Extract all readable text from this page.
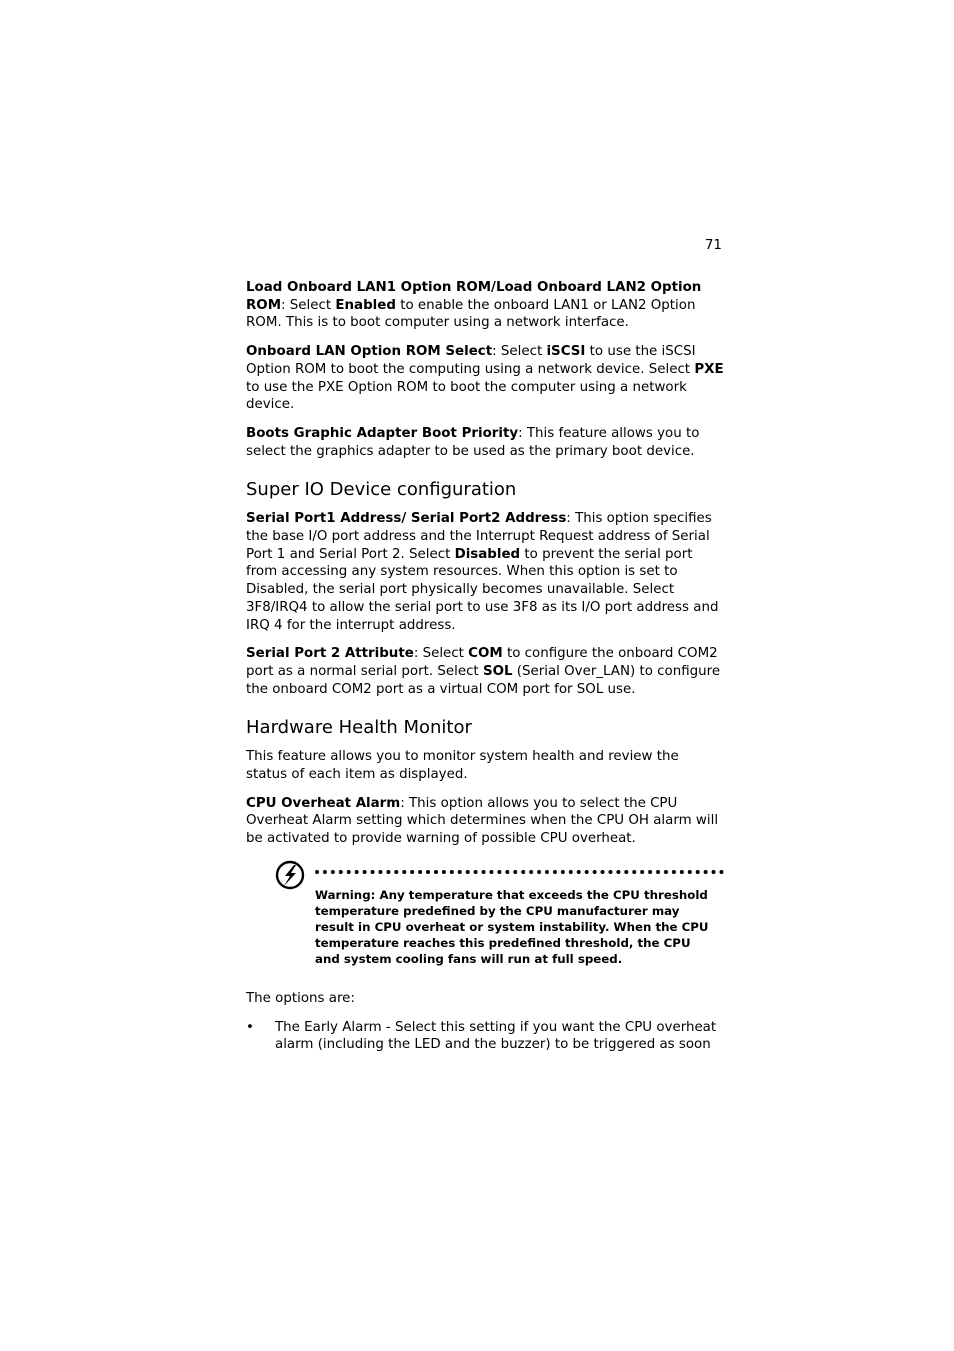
71

Load Onboard LAN1 Option ROM/Load Onboard LAN2 Option ROM: Select Enabled to enable the onboard LAN1 or LAN2 Option ROM. This is to boot computer using a network interface.

Onboard LAN Option ROM Select: Select iSCSI to use the iSCSI Option ROM to boot the computing using a network device. Select PXE to use the PXE Option ROM to boot the computer using a network device.

Boots Graphic Adapter Boot Priority: This feature allows you to select the graphics adapter to be used as the primary boot device.

Super IO Device configuration

Serial Port1 Address/ Serial Port2 Address: This option specifies the base I/O port address and the Interrupt Request address of Serial Port 1 and Serial Port 2. Select Disabled to prevent the serial port from accessing any system resources. When this option is set to Disabled, the serial port physically becomes unavailable. Select 3F8/IRQ4 to allow the serial port to use 3F8 as its I/O port address and IRQ 4 for the interrupt address.

Serial Port 2 Attribute: Select COM to configure the onboard COM2 port as a normal serial port. Select SOL (Serial Over_LAN) to configure the onboard COM2 port as a virtual COM port for SOL use.

Hardware Health Monitor

This feature allows you to monitor system health and review the status of each item as displayed.

CPU Overheat Alarm: This option allows you to select the CPU Overheat Alarm setting which determines when the CPU OH alarm will be activated to provide warning of possible CPU overheat.

Warning: Any temperature that exceeds the CPU threshold temperature predefined by the CPU manufacturer may result in CPU overheat or system instability. When the CPU temperature reaches this predefined threshold, the CPU and system cooling fans will run at full speed.

The options are:

• The Early Alarm - Select this setting if you want the CPU overheat alarm (including the LED and the buzzer) to be triggered as soon
